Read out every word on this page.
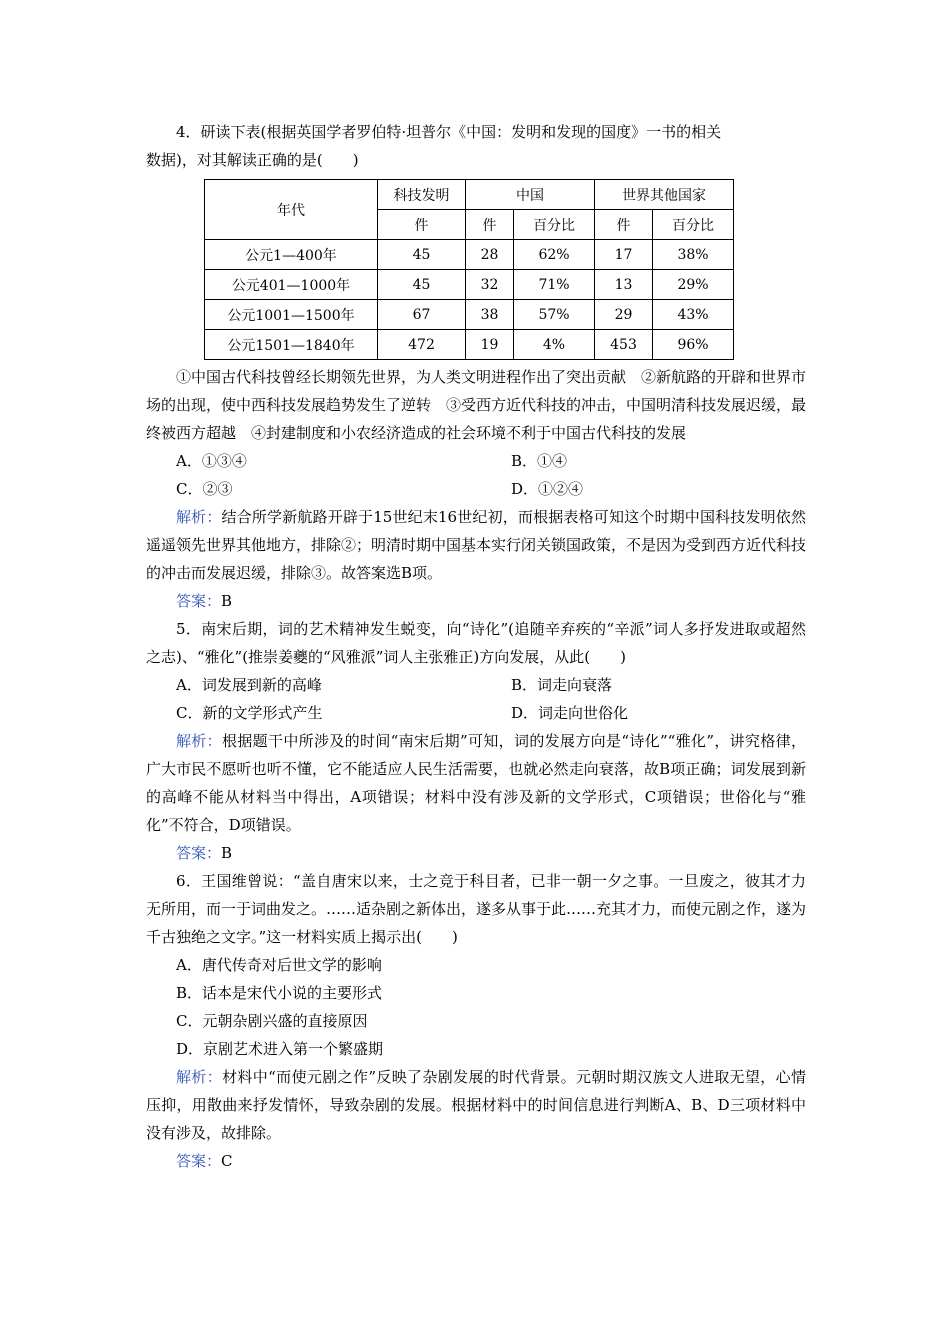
4．研读下表(根据英国学者罗伯特·坦普尔《中国：发明和发现的国度》一书的相关

数据)，对其解读正确的是(　　)

年代	科技发明	中国		世界其他国家	
	件	件	百分比	件	百分比
公元1—400年	45	28	62%	17	38%
公元401—1000年	45	32	71%	13	29%
公元1001—1500年	67	38	57%	29	43%
公元1501—1840年	472	19	4%	453	96%

①中国古代科技曾经长期领先世界，为人类文明进程作出了突出贡献　②新航路的开辟和世界市场的出现，使中西科技发展趋势发生了逆转　③受西方近代科技的冲击，中国明清科技发展迟缓，最终被西方超越　④封建制度和小农经济造成的社会环境不利于中国古代科技的发展

A．①③④	B．①④
C．②③	D．①②④

解析：结合所学新航路开辟于15世纪末16世纪初，而根据表格可知这个时期中国科技发明依然遥遥领先世界其他地方，排除②；明清时期中国基本实行闭关锁国政策，不是因为受到西方近代科技的冲击而发展迟缓，排除③。故答案选B项。

答案：B

5．南宋后期，词的艺术精神发生蜕变，向“诗化”(追随辛弃疾的“辛派”词人多抒发进取或超然之志)、“雅化”(推崇姜夔的“风雅派”词人主张雅正)方向发展，从此(　　)

A．词发展到新的高峰	B．词走向衰落
C．新的文学形式产生	D．词走向世俗化

解析：根据题干中所涉及的时间“南宋后期”可知，词的发展方向是“诗化”“雅化”，讲究格律，广大市民不愿听也听不懂，它不能适应人民生活需要，也就必然走向衰落，故B项正确；词发展到新的高峰不能从材料当中得出，A项错误；材料中没有涉及新的文学形式，C项错误；世俗化与“雅化”不符合，D项错误。

答案：B

6．王国维曾说：“盖自唐宋以来，士之竞于科目者，已非一朝一夕之事。一旦废之，彼其才力无所用，而一于词曲发之。……适杂剧之新体出，遂多从事于此……充其才力，而使元剧之作，遂为千古独绝之文字。”这一材料实质上揭示出(　　)

A．唐代传奇对后世文学的影响
B．话本是宋代小说的主要形式
C．元朝杂剧兴盛的直接原因
D．京剧艺术进入第一个繁盛期

解析：材料中“而使元剧之作”反映了杂剧发展的时代背景。元朝时期汉族文人进取无望，心情压抑，用散曲来抒发情怀，导致杂剧的发展。根据材料中的时间信息进行判断A、B、D三项材料中没有涉及，故排除。

答案：C
